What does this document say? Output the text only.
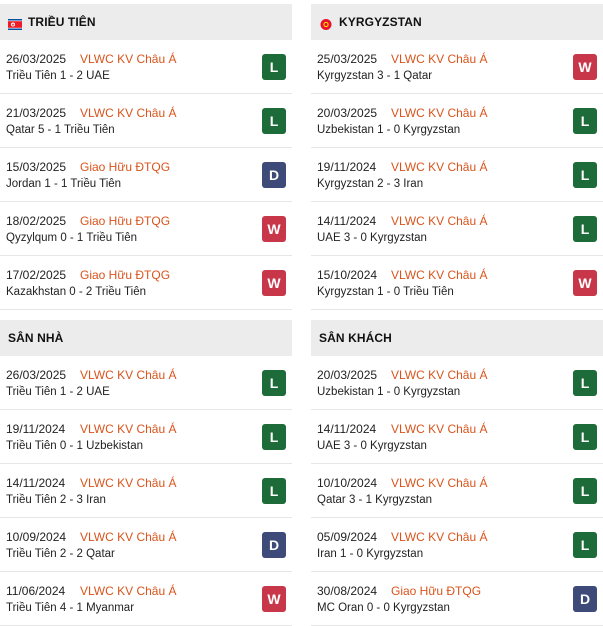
TRIỀU TIÊN
26/03/2025 VLWC KV Châu Á
Triều Tiên 1 - 2 UAE
L
21/03/2025 VLWC KV Châu Á
Qatar 5 - 1 Triều Tiên
L
15/03/2025 Giao Hữu ĐTQG
Jordan 1 - 1 Triều Tiên
D
18/02/2025 Giao Hữu ĐTQG
Qyzylqum 0 - 1 Triều Tiên
W
17/02/2025 Giao Hữu ĐTQG
Kazakhstan 0 - 2 Triều Tiên
W
SÂN NHÀ
26/03/2025 VLWC KV Châu Á
Triều Tiên 1 - 2 UAE
L
19/11/2024 VLWC KV Châu Á
Triều Tiên 0 - 1 Uzbekistan
L
14/11/2024 VLWC KV Châu Á
Triều Tiên 2 - 3 Iran
L
10/09/2024 VLWC KV Châu Á
Triều Tiên 2 - 2 Qatar
D
11/06/2024 VLWC KV Châu Á
Triều Tiên 4 - 1 Myanmar
W
KYRGYZSTAN
25/03/2025 VLWC KV Châu Á
Kyrgyzstan 3 - 1 Qatar
W
20/03/2025 VLWC KV Châu Á
Uzbekistan 1 - 0 Kyrgyzstan
L
19/11/2024 VLWC KV Châu Á
Kyrgyzstan 2 - 3 Iran
L
14/11/2024 VLWC KV Châu Á
UAE 3 - 0 Kyrgyzstan
L
15/10/2024 VLWC KV Châu Á
Kyrgyzstan 1 - 0 Triều Tiên
W
SÂN KHÁCH
20/03/2025 VLWC KV Châu Á
Uzbekistan 1 - 0 Kyrgyzstan
L
14/11/2024 VLWC KV Châu Á
UAE 3 - 0 Kyrgyzstan
L
10/10/2024 VLWC KV Châu Á
Qatar 3 - 1 Kyrgyzstan
L
05/09/2024 VLWC KV Châu Á
Iran 1 - 0 Kyrgyzstan
L
30/08/2024 Giao Hữu ĐTQG
MC Oran 0 - 0 Kyrgyzstan
D
